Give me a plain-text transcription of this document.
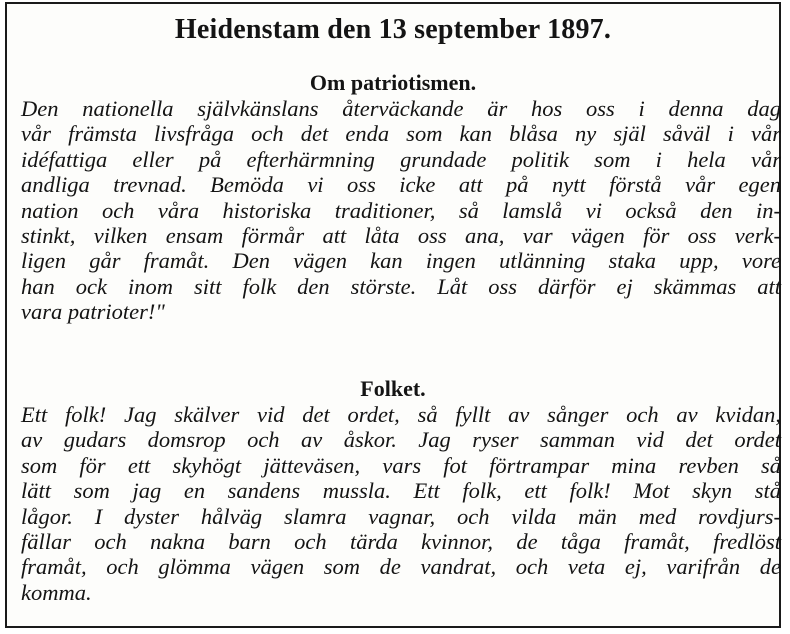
Heidenstam den 13 september 1897.
Om patriotismen.
Den nationella självkänslans återväckande är hos oss i denna dag
vår främsta livsfråga och det enda som kan blåsa ny själ såväl i vår
idéfattiga eller på efterhärmning grundade politik som i hela vår
andliga trevnad. Bemöda vi oss icke att på nytt förstå vår egen
nation och våra historiska traditioner, så lamslå vi också den in-
stinkt, vilken ensam förmår att låta oss ana, var vägen för oss verk-
ligen går framåt. Den vägen kan ingen utlänning staka upp, vore
han ock inom sitt folk den störste. Låt oss därför ej skämmas att
vara patrioter!"
Folket.
Ett folk! Jag skälver vid det ordet, så fyllt av sånger och av kvidan,
av gudars domsrop och av åskor. Jag ryser samman vid det ordet
som för ett skyhögt jätteväsen, vars fot förtrampar mina revben så
lätt som jag en sandens mussla. Ett folk, ett folk! Mot skyn stå
lågor. I dyster hålväg slamra vagnar, och vilda män med rovdjurs-
fällar och nakna barn och tärda kvinnor, de tåga framåt, fredlöst
framåt, och glömma vägen som de vandrat, och veta ej, varifrån de
komma.
